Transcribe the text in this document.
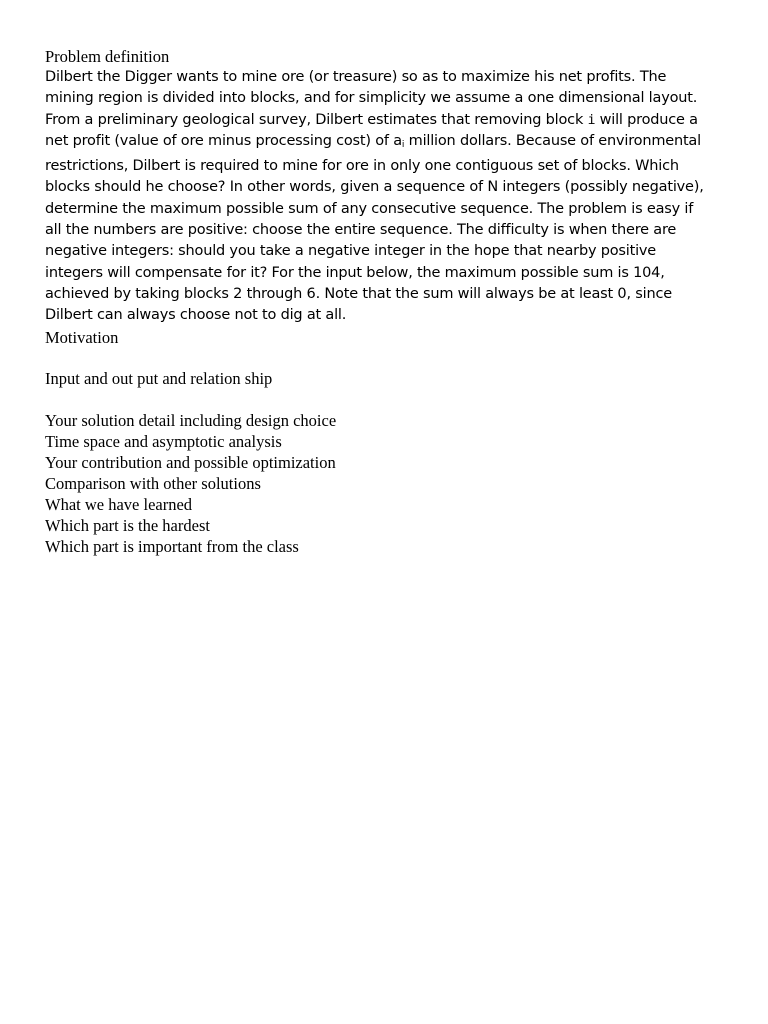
Problem definition
Dilbert the Digger wants to mine ore (or treasure) so as to maximize his net profits. The mining region is divided into blocks, and for simplicity we assume a one dimensional layout. From a preliminary geological survey, Dilbert estimates that removing block i will produce a net profit (value of ore minus processing cost) of $a_i$ million dollars. Because of environmental restrictions, Dilbert is required to mine for ore in only one contiguous set of blocks. Which blocks should he choose? In other words, given a sequence of N integers (possibly negative), determine the maximum possible sum of any consecutive sequence. The problem is easy if all the numbers are positive: choose the entire sequence. The difficulty is when there are negative integers: should you take a negative integer in the hope that nearby positive integers will compensate for it? For the input below, the maximum possible sum is 104, achieved by taking blocks 2 through 6. Note that the sum will always be at least 0, since Dilbert can always choose not to dig at all.
Motivation
Input and out put and relation ship
Your solution detail including design choice
Time space and asymptotic analysis
Your contribution and possible optimization
Comparison with other solutions
What we have learned
Which part is the hardest
Which part is important from the class
